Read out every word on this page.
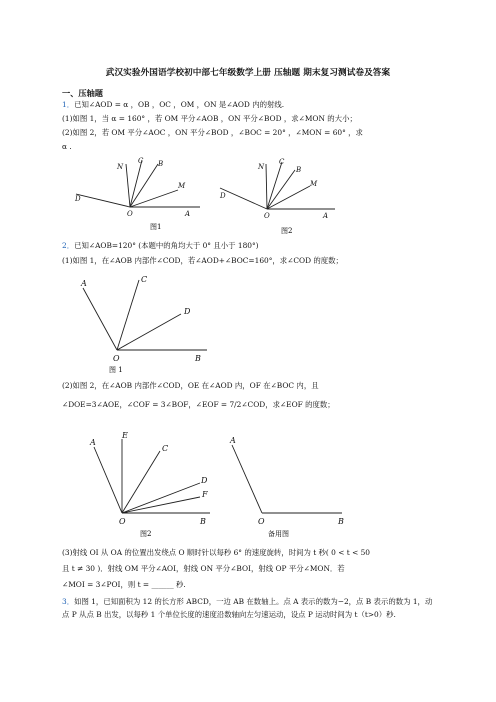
武汉实验外国语学校初中部七年级数学上册 压轴题 期末复习测试卷及答案
一、压轴题
1．已知∠AOD = α ，OB ，OC ，OM ，ON 是∠AOD 内的射线.
(1)如图 1，当 α = 160° ，若 OM 平分∠AOB ，ON 平分∠BOD ，求∠MON 的大小；
(2)如图 2，若 OM 平分∠AOC ，ON 平分∠BOD ，∠BOC = 20° ，∠MON = 60° ，求
α .
N
C B
M
D
O	A
图1
N
C
B
M
D
O	A
图2
2．已知∠AOB=120° (本题中的角均大于 0° 且小于 180°)
(1)如图 1，在∠AOB 内部作∠COD，若∠AOD+∠BOC=160°，求∠COD 的度数；
A	C
D
O	B
图 1
(2)如图 2，在∠AOB 内部作∠COD，OE 在∠AOD 内，OF 在∠BOC 内，且
∠DOE=3∠AOE，∠COF = 3∠BOF，∠EOF = 7/2∠COD，求∠EOF 的度数；
A
E
C
D
F
O	B
图2
A
O	B
备用图
(3)射线 OI 从 OA 的位置出发绕点 O 顺时针以每秒 6° 的速度旋转，时间为 t 秒( 0 < t < 50
且 t ≠ 30 )．射线 OM 平分∠AOI，射线 ON 平分∠BOI，射线 OP 平分∠MON．若
∠MOI = 3∠POI，则 t = ______ 秒.
3．如图 1，已知面积为 12 的长方形 ABCD，一边 AB 在数轴上。点 A 表示的数为−2，点 B 表示的数为 1，动点 P 从点 B 出发，以每秒 1 个单位长度的速度沿数轴向左匀速运动，设点 P 运动时间为 t（t>0）秒.
